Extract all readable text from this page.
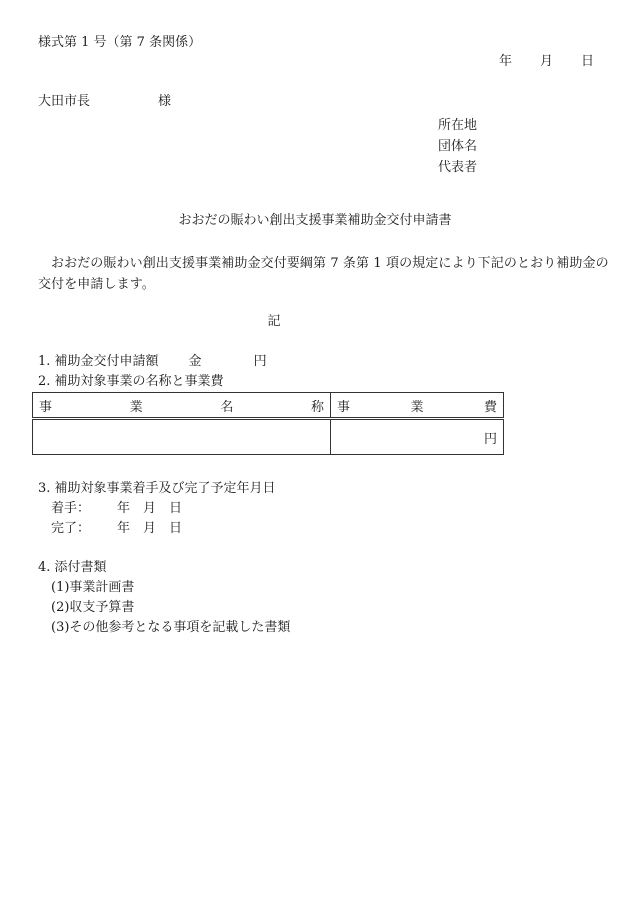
様式第 1 号（第 7 条関係）
年 月 日
大田市長	様
所在地
団体名
代表者
おおだの賑わい創出支援事業補助金交付申請書
おおだの賑わい創出支援事業補助金交付要綱第 7 条第 1 項の規定により下記のとおり補助金の交付を申請します。
記
1. 補助金交付申請額 金	円
2. 補助対象事業の名称と事業費
事 業 名 称	事 業 費

	円
3. 補助対象事業着手及び完了予定年月日
着手： 年 月 日
完了： 年 月 日
4. 添付書類
(1)事業計画書
(2)収支予算書
(3)その他参考となる事項を記載した書類
